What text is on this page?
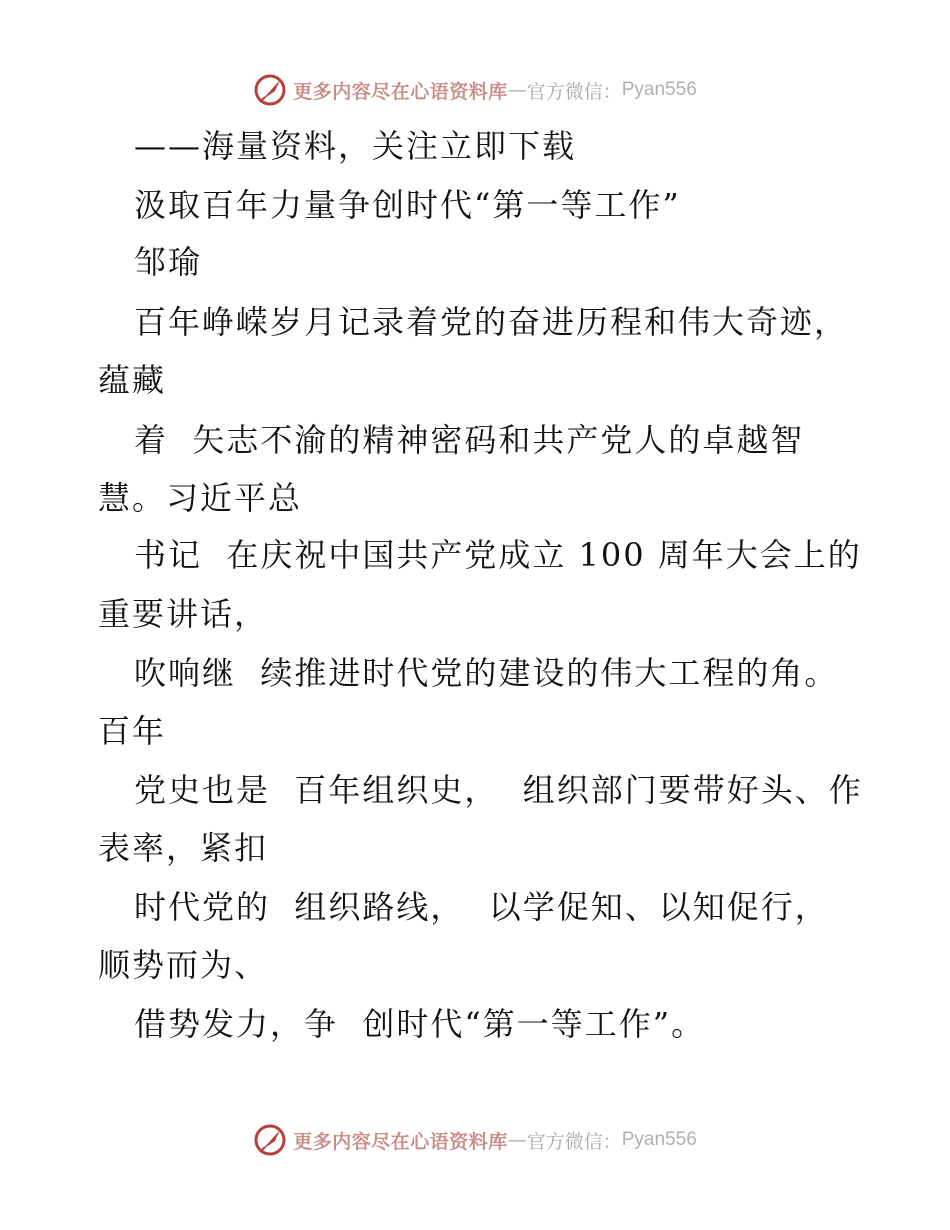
更多内容尽在心语资料库 — 官方微信： Pyan556
——海量资料，关注立即下载
汲取百年力量争创时代“第一等工作”
邹瑜
百年峥嵘岁月记录着党的奋进历程和伟大奇迹，
蕴藏
着  矢志不渝的精神密码和共产党人的卓越智
慧。习近平总
书记  在庆祝中国共产党成立 100 周年大会上的
重要讲话，
吹响继  续推进时代党的建设的伟大工程的角。
百年
党史也是  百年组织史，  组织部门要带好头、作
表率，紧扣
时代党的  组织路线，  以学促知、以知促行，
顺势而为、
借势发力，争  创时代“第一等工作”。
更多内容尽在心语资料库 — 官方微信： Pyan556
